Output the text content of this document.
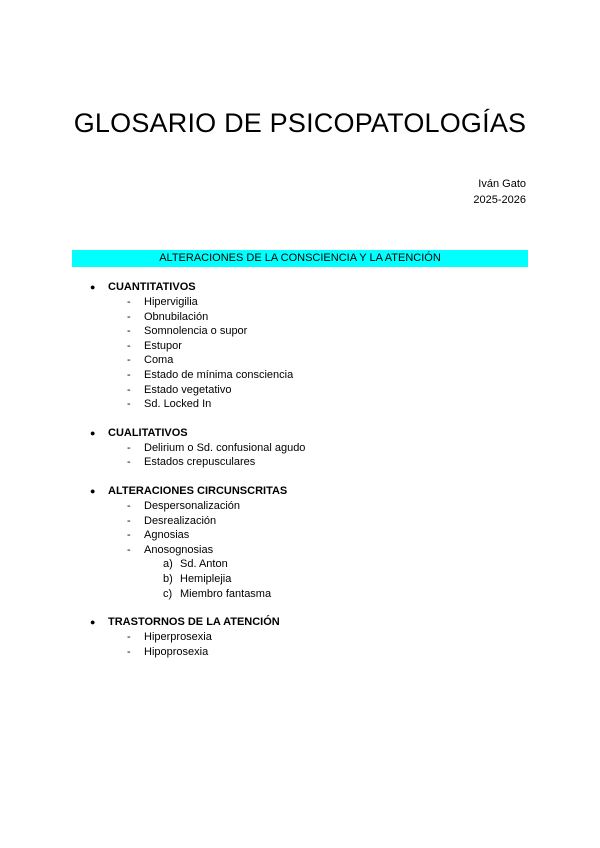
GLOSARIO DE PSICOPATOLOGÍAS
Iván Gato
2025-2026
ALTERACIONES DE LA CONSCIENCIA Y LA ATENCIÓN
● CUANTITATIVOS
- Hipervigilia
- Obnubilación
- Somnolencia o supor
- Estupor
- Coma
- Estado de mínima consciencia
- Estado vegetativo
- Sd. Locked In
● CUALITATIVOS
- Delirium o Sd. confusional agudo
- Estados crepusculares
● ALTERACIONES CIRCUNSCRITAS
- Despersonalización
- Desrealización
- Agnosias
- Anosognosias
a) Sd. Anton
b) Hemiplejia
c) Miembro fantasma
● TRASTORNOS DE LA ATENCIÓN
- Hiperprosexia
- Hipoprosexia
